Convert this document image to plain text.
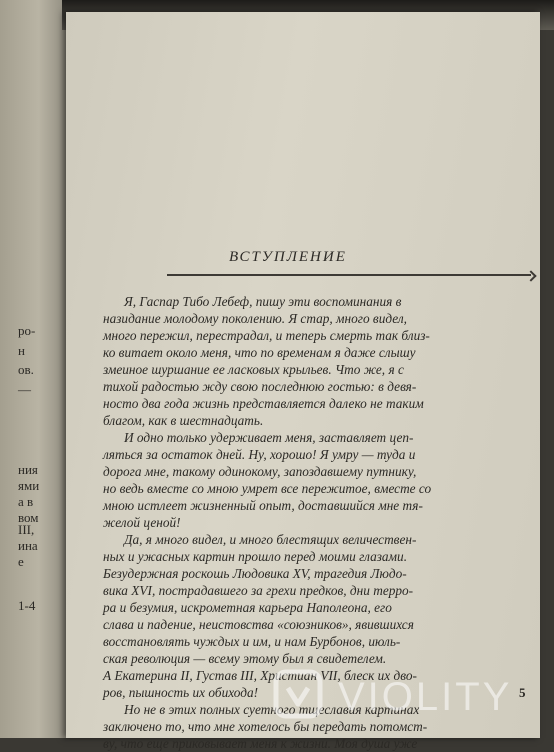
ро-
н
ов.
—
ния
ями
а в
вом
III,
ина
е
1-4
ВСТУПЛЕНИЕ
Я, Гаспар Тибо Лебеф, пишу эти воспоминания в
назидание молодому поколению. Я стар, много видел,
много пережил, перестрадал, и теперь смерть так близ-
ко витает около меня, что по временам я даже слышу
змеиное шуршание ее ласковых крыльев. Что же, я с
тихой радостью жду свою последнюю гостью: в девя-
носто два года жизнь представляется далеко не таким
благом, как в шестнадцать.
И одно только удерживает меня, заставляет цеп-
ляться за остаток дней. Ну, хорошо! Я умру — туда и
дорога мне, такому одинокому, запоздавшему путнику,
но ведь вместе со мною умрет все пережитое, вместе со
мною истлеет жизненный опыт, доставшийся мне тя-
желой ценой!
Да, я много видел, и много блестящих величествен-
ных и ужасных картин прошло перед моими глазами.
Безудержная роскошь Людовика XV, трагедия Людо-
вика XVI, пострадавшего за грехи предков, дни терро-
ра и безумия, искрометная карьера Наполеона, его
слава и падение, неистовства «союзников», явившихся
восстановлять чуждых и им, и нам Бурбонов, июль-
ская революция — всему этому был я свидетелем.
А Екатерина II, Густав III, Христиан VII, блеск их дво-
ров, пышность их обихода!
Но не в этих полных суетного тщеславия картинах
заключено то, что мне хотелось бы передать потомст-
ву, что еще приковывает меня к жизни. Моя душа уже
5
VIOLITY
